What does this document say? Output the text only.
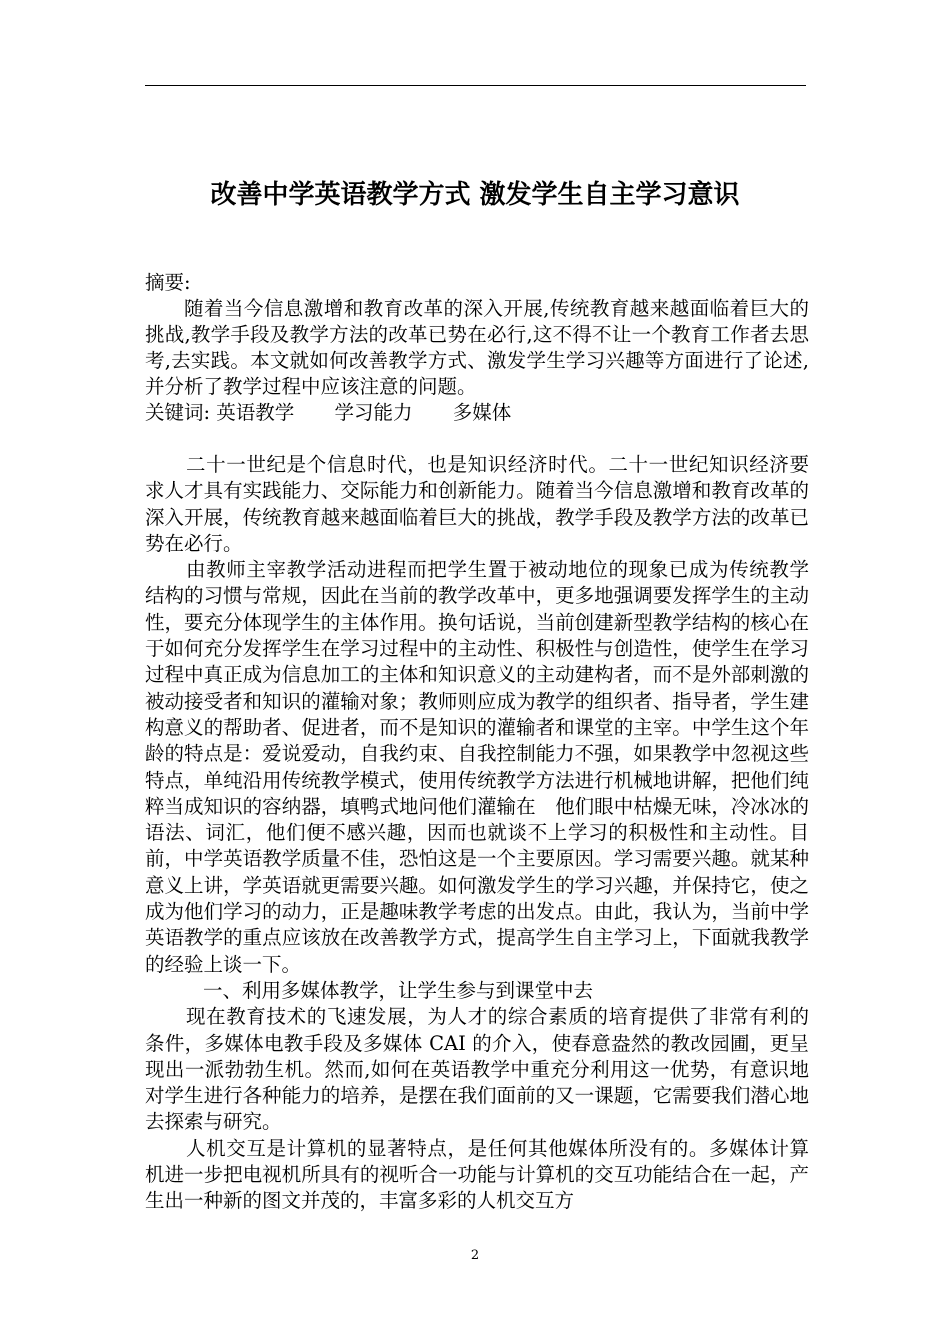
改善中学英语教学方式 激发学生自主学习意识

摘要:

随着当今信息激增和教育改革的深入开展,传统教育越来越面临着巨大的挑战,教学手段及教学方法的改革已势在必行,这不得不让一个教育工作者去思考,去实践。本文就如何改善教学方式、激发学生学习兴趣等方面进行了论述,并分析了教学过程中应该注意的问题。

关键词: 英语教学 学习能力 多媒体

二十一世纪是个信息时代，也是知识经济时代。二十一世纪知识经济要求人才具有实践能力、交际能力和创新能力。随着当今信息激增和教育改革的深入开展，传统教育越来越面临着巨大的挑战，教学手段及教学方法的改革已势在必行。

由教师主宰教学活动进程而把学生置于被动地位的现象已成为传统教学结构的习惯与常规，因此在当前的教学改革中，更多地强调要发挥学生的主动性，要充分体现学生的主体作用。换句话说，当前创建新型教学结构的核心在于如何充分发挥学生在学习过程中的主动性、积极性与创造性，使学生在学习过程中真正成为信息加工的主体和知识意义的主动建构者，而不是外部刺激的被动接受者和知识的灌输对象；教师则应成为教学的组织者、指导者，学生建构意义的帮助者、促进者，而不是知识的灌输者和课堂的主宰。中学生这个年龄的特点是：爱说爱动，自我约束、自我控制能力不强，如果教学中忽视这些特点，单纯沿用传统教学模式，使用传统教学方法进行机械地讲解，把他们纯粹当成知识的容纳器，填鸭式地问他们灌输在　他们眼中枯燥无味，冷冰冰的语法、词汇，他们便不感兴趣，因而也就谈不上学习的积极性和主动性。目前，中学英语教学质量不佳，恐怕这是一个主要原因。学习需要兴趣。就某种意义上讲，学英语就更需要兴趣。如何激发学生的学习兴趣，并保持它，使之成为他们学习的动力，正是趣味教学考虑的出发点。由此，我认为，当前中学英语教学的重点应该放在改善教学方式，提高学生自主学习上，下面就我教学的经验上谈一下。

一、利用多媒体教学，让学生参与到课堂中去

现在教育技术的飞速发展，为人才的综合素质的培育提供了非常有利的条件，多媒体电教手段及多媒体 CAI 的介入，使春意盎然的教改园圃，更呈现出一派勃勃生机。然而,如何在英语教学中重充分利用这一优势，有意识地对学生进行各种能力的培养，是摆在我们面前的又一课题，它需要我们潜心地去探索与研究。

人机交互是计算机的显著特点，是任何其他媒体所没有的。多媒体计算机进一步把电视机所具有的视听合一功能与计算机的交互功能结合在一起，产生出一种新的图文并茂的，丰富多彩的人机交互方

2
